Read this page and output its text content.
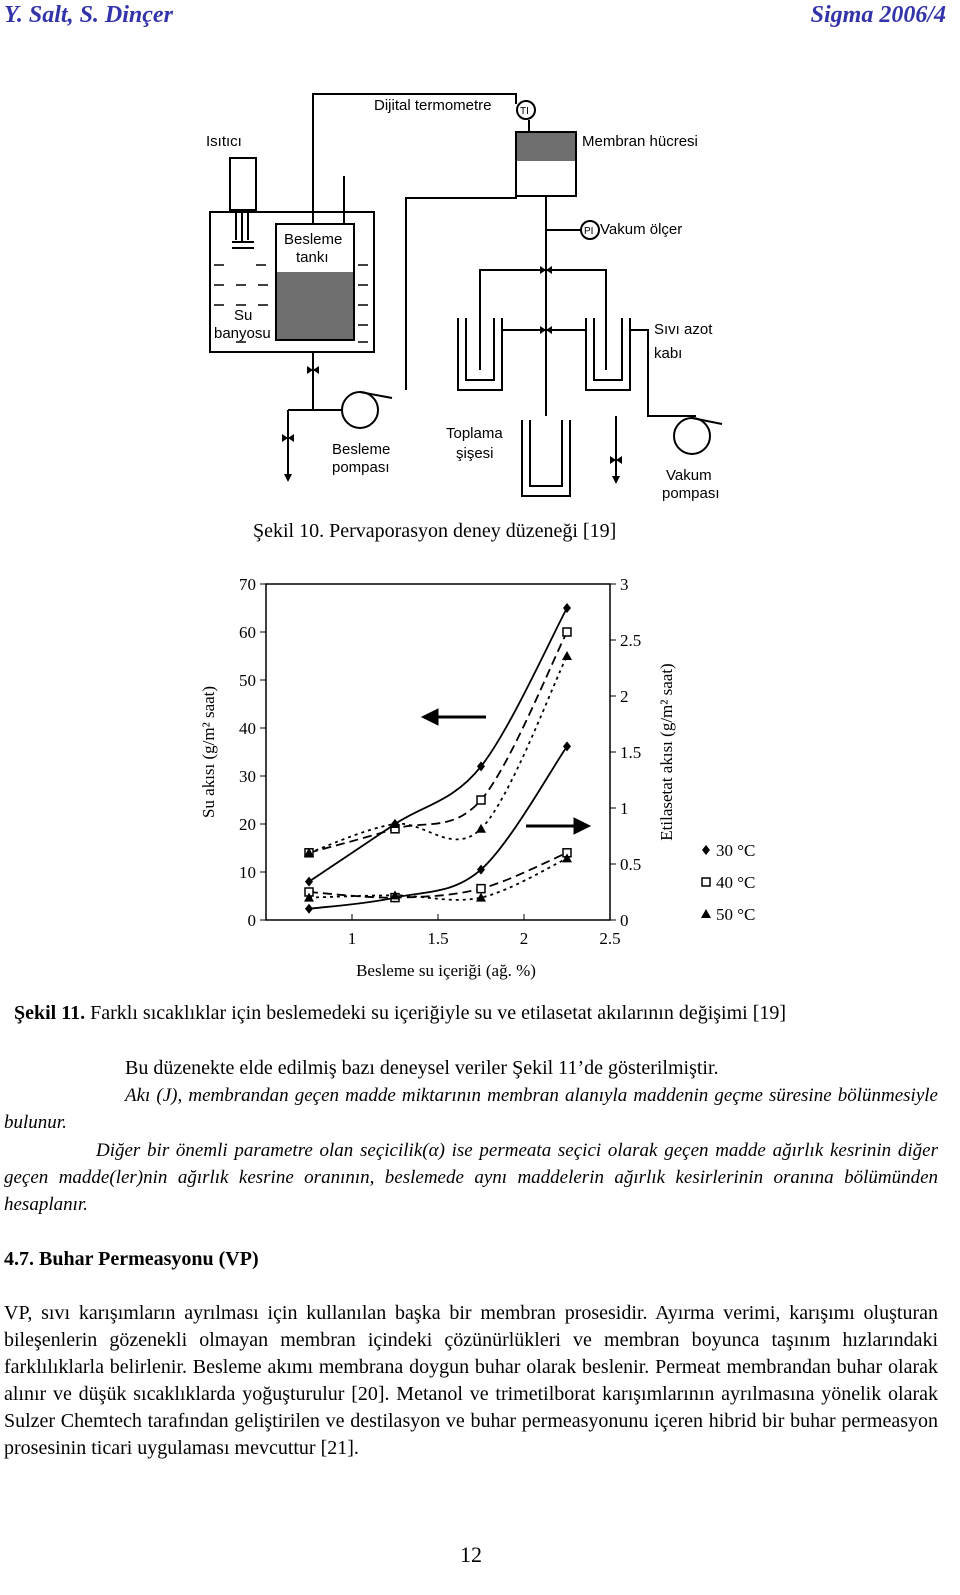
Y. Salt, S. Dinçer	Sigma 2006/4
Isıtıcı
Dijital termometre	TI
Membran hücresi
Besleme
tankı
PI Vakum ölçer
Su
banyosu	Sıvı azot
kabı
Toplama
şişesi
Besleme
pompası	Vakum
pompası
Şekil 10. Pervaporasyon deney düzeneği [19]
0
10
20
30
40
50
60
70
0
0.5
1
1.5
2
2.5
3
1	1.5	2	2.5
Su akısı (g/m² saat)	Etilasetat akısı (g/m² saat)
Besleme su içeriği (ağ. %)
30 °C
40 °C
50 °C
Şekil 11. Farklı sıcaklıklar için beslemedeki su içeriğiyle su ve etilasetat akılarının değişimi [19]
Bu düzenekte elde edilmiş bazı deneysel veriler Şekil 11’de gösterilmiştir.
Akı (J), membrandan geçen madde miktarının membran alanıyla maddenin geçme süresine bölünmesiyle bulunur.
Diğer bir önemli parametre olan seçicilik(α) ise permeata seçici olarak geçen madde ağırlık kesrinin diğer geçen madde(ler)nin ağırlık kesrine oranının, beslemede aynı maddelerin ağırlık kesirlerinin oranına bölümünden hesaplanır.
4.7. Buhar Permeasyonu (VP)
VP, sıvı karışımların ayrılması için kullanılan başka bir membran prosesidir. Ayırma verimi, karışımı oluşturan bileşenlerin gözenekli olmayan membran içindeki çözünürlükleri ve membran boyunca taşınım hızlarındaki farklılıklarla belirlenir. Besleme akımı membrana doygun buhar olarak beslenir. Permeat membrandan buhar olarak alınır ve düşük sıcaklıklarda yoğuşturulur [20]. Metanol ve trimetilborat karışımlarının ayrılmasına yönelik olarak Sulzer Chemtech tarafından geliştirilen ve destilasyon ve buhar permeasyonunu içeren hibrid bir buhar permeasyon prosesinin ticari uygulaması mevcuttur [21].
12
